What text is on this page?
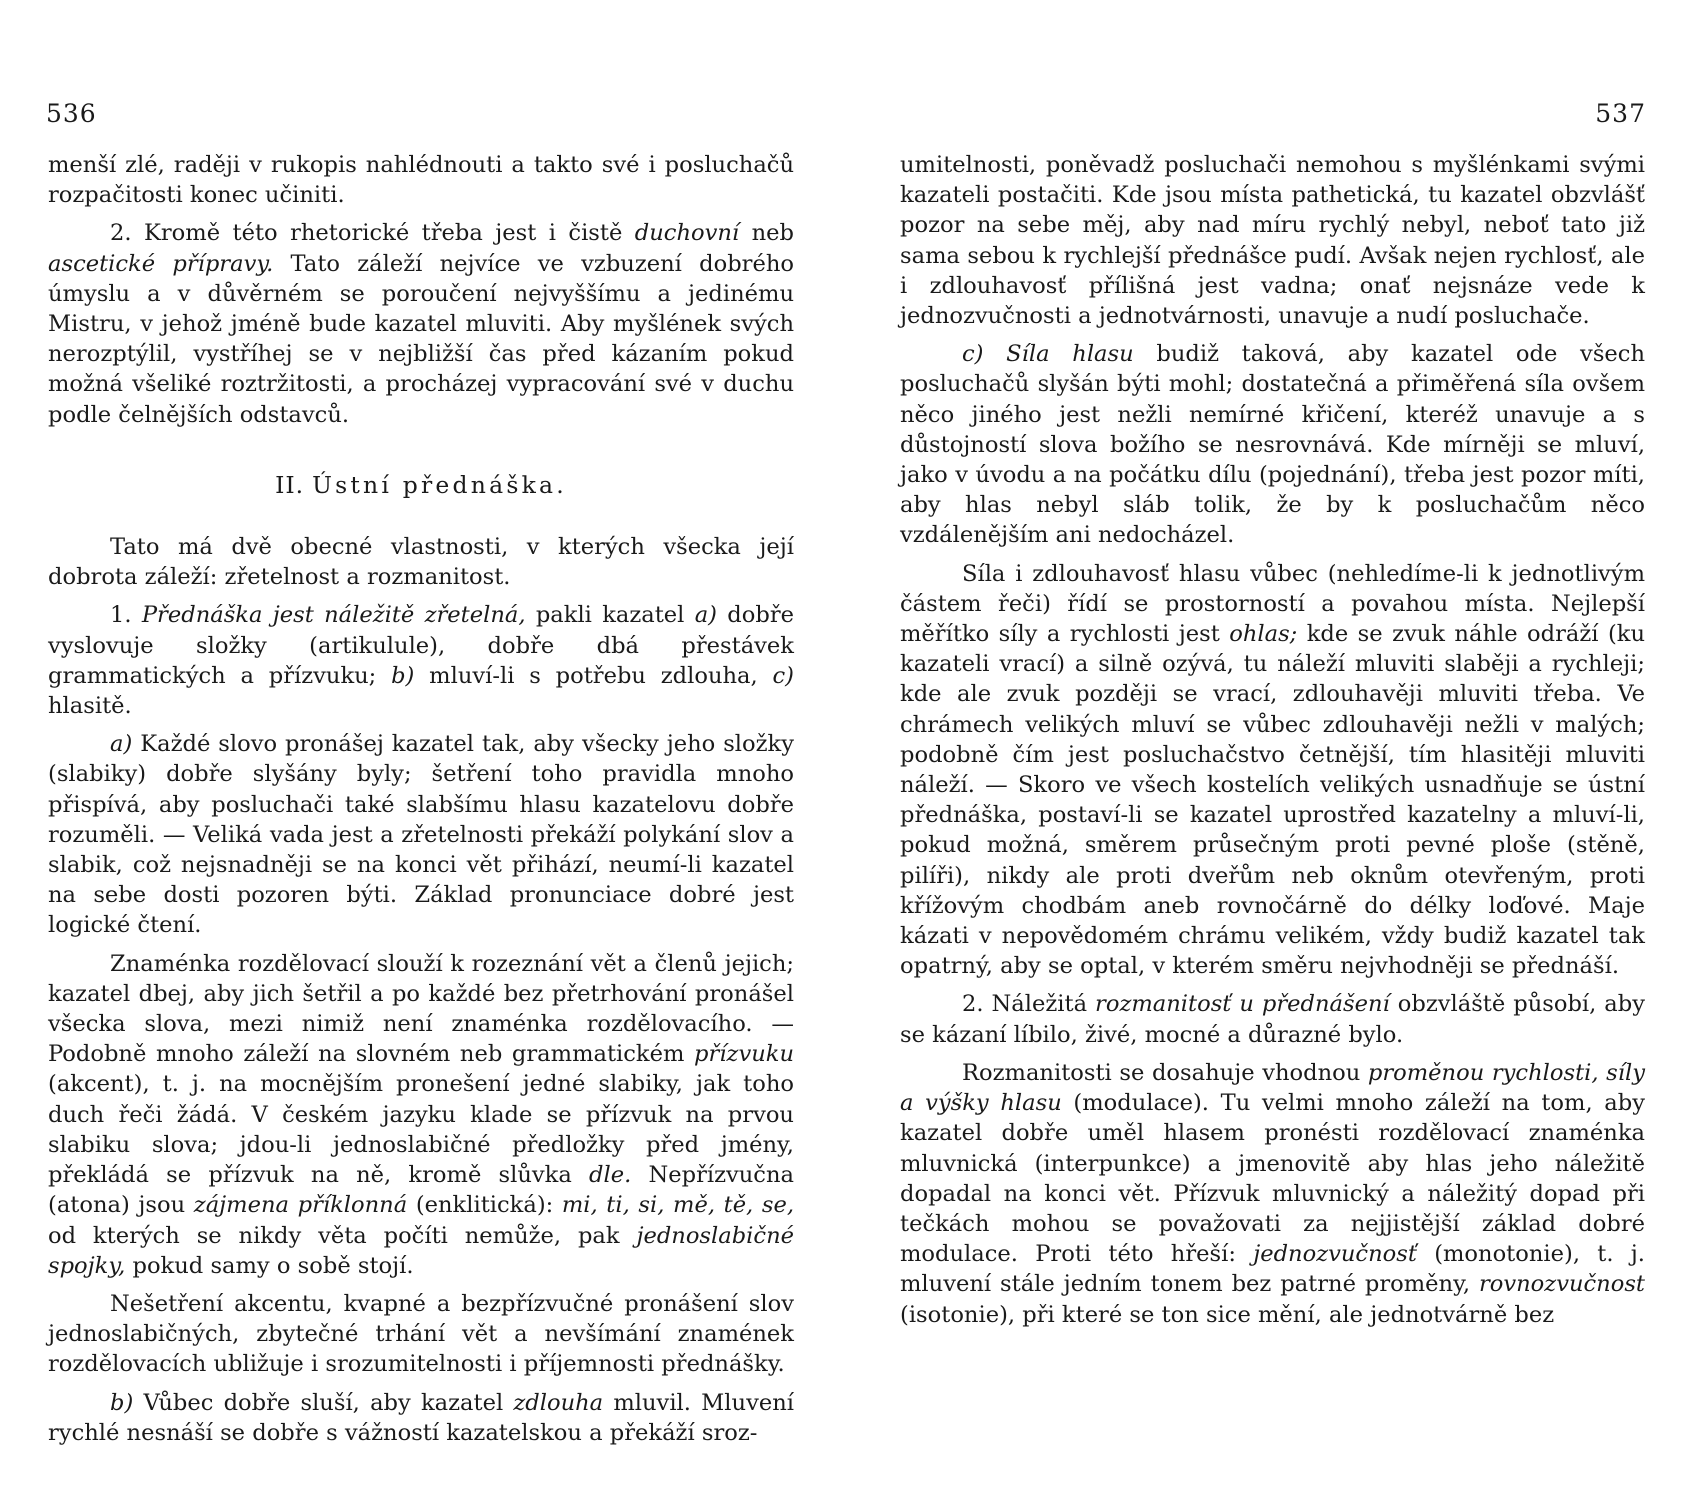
536

menší zlé, raději v rukopis nahlédnouti a takto své i posluchačů rozpačitosti konec učiniti.

2. Kromě této rhetorické třeba jest i čistě duchovní neb ascetické přípravy. Tato záleží nejvíce ve vzbuzení dobrého úmyslu a v důvěrném se poroučení nejvyššímu a jedinému Mistru, v jehož jméně bude kazatel mluviti. Aby myšlének svých nerozptýlil, vystříhej se v nejbližší čas před kázaním pokud možná všeliké roztržitosti, a procházej vypracování své v duchu podle čelnějších odstavců.

II. Ústní přednáška.

Tato má dvě obecné vlastnosti, v kterých všecka její dobrota záleží: zřetelnost a rozmanitost.

1. Přednáška jest náležitě zřetelná, pakli kazatel a) dobře vyslovuje složky (artikulule), dobře dbá přestávek grammatických a přízvuku; b) mluví-li s potřebu zdlouha, c) hlasitě.

a) Každé slovo pronášej kazatel tak, aby všecky jeho složky (slabiky) dobře slyšány byly; šetření toho pravidla mnoho přispívá, aby posluchači také slabšímu hlasu kazatelovu dobře rozuměli. — Veliká vada jest a zřetelnosti překáží polykání slov a slabik, což nejsnadněji se na konci vět přihází, neumí-li kazatel na sebe dosti pozoren býti. Základ pronunciace dobré jest logické čtení.

Znaménka rozdělovací slouží k rozeznání vět a členů jejich; kazatel dbej, aby jich šetřil a po každé bez přetrhování pronášel všecka slova, mezi nimiž není znaménka rozdělovacího. — Podobně mnoho záleží na slovném neb grammatickém přízvuku (akcent), t. j. na mocnějším pronešení jedné slabiky, jak toho duch řeči žádá. V českém jazyku klade se přízvuk na prvou slabiku slova; jdou-li jednoslabičné předložky před jmény, překládá se přízvuk na ně, kromě slůvka dle. Nepřízvučna (atona) jsou zájmena příklonná (enklitická): mi, ti, si, mě, tě, se, od kterých se nikdy věta počíti nemůže, pak jednoslabičné spojky, pokud samy o sobě stojí.

Nešetření akcentu, kvapné a bezpřízvučné pronášení slov jednoslabičných, zbytečné trhání vět a nevšímání znamének rozdělovacích ubližuje i srozumitelnosti i příjemnosti přednášky.

b) Vůbec dobře sluší, aby kazatel zdlouha mluvil. Mluvení rychlé nesnáší se dobře s vážností kazatelskou a překáží sroz-

537

umitelnosti, poněvadž posluchači nemohou s myšlénkami svými kazateli postačiti. Kde jsou místa pathetická, tu kazatel obzvlášť pozor na sebe měj, aby nad míru rychlý nebyl, neboť tato již sama sebou k rychlejší přednášce pudí. Avšak nejen rychlosť, ale i zdlouhavosť přílišná jest vadna; onať nejsnáze vede k jednozvučnosti a jednotvárnosti, unavuje a nudí posluchače.

c) Síla hlasu budiž taková, aby kazatel ode všech posluchačů slyšán býti mohl; dostatečná a přiměřená síla ovšem něco jiného jest nežli nemírné křičení, kteréž unavuje a s důstojností slova božího se nesrovnává. Kde mírněji se mluví, jako v úvodu a na počátku dílu (pojednání), třeba jest pozor míti, aby hlas nebyl sláb tolik, že by k posluchačům něco vzdálenějším ani nedocházel.

Síla i zdlouhavosť hlasu vůbec (nehledíme-li k jednotlivým částem řeči) řídí se prostorností a povahou místa. Nejlepší měřítko síly a rychlosti jest ohlas; kde se zvuk náhle odráží (ku kazateli vrací) a silně ozývá, tu náleží mluviti slaběji a rychleji; kde ale zvuk později se vrací, zdlouhavěji mluviti třeba. Ve chrámech velikých mluví se vůbec zdlouhavěji nežli v malých; podobně čím jest posluchačstvo četnější, tím hlasitěji mluviti náleží. — Skoro ve všech kostelích velikých usnadňuje se ústní přednáška, postaví-li se kazatel uprostřed kazatelny a mluví-li, pokud možná, směrem průsečným proti pevné ploše (stěně, pilíři), nikdy ale proti dveřům neb oknům otevřeným, proti křížovým chodbám aneb rovnočárně do délky loďové. Maje kázati v nepovědomém chrámu velikém, vždy budiž kazatel tak opatrný, aby se optal, v kterém směru nejvhodněji se přednáší.

2. Náležitá rozmanitosť u přednášení obzvláště působí, aby se kázaní líbilo, živé, mocné a důrazné bylo.

Rozmanitosti se dosahuje vhodnou proměnou rychlosti, síly a výšky hlasu (modulace). Tu velmi mnoho záleží na tom, aby kazatel dobře uměl hlasem pronésti rozdělovací znaménka mluvnická (interpunkce) a jmenovitě aby hlas jeho náležitě dopadal na konci vět. Přízvuk mluvnický a náležitý dopad při tečkách mohou se považovati za nejjistější základ dobré modulace. Proti této hřeší: jednozvučnosť (monotonie), t. j. mluvení stále jedním tonem bez patrné proměny, rovnozvučnost (isotonie), při které se ton sice mění, ale jednotvárně bez
